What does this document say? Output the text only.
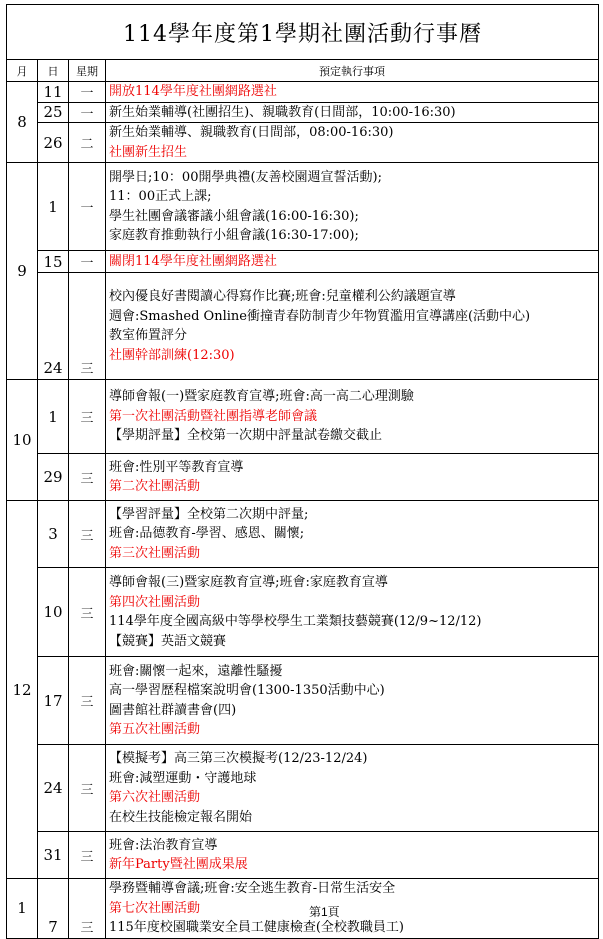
114學年度第1學期社團活動行事曆			
月	日	星期	預定執行事項
8	11	一	開放114學年度社團網路選社

	25	一	新生始業輔導(社團招生)、親職教育(日間部，10:00-16:30)

	26	二	新生始業輔導、親職教育(日間部，08:00-16:30)
社團新生招生

9	1	一	開學日;10：00開學典禮(友善校園週宣誓活動);
11：00正式上課;
學生社團會議審議小組會議(16:00-16:30);
家庭教育推動執行小組會議(16:30-17:00);

	15	一	關閉114學年度社團網路選社

	24	三	校內優良好書閱讀心得寫作比賽;班會:兒童權利公約議題宣導
週會:Smashed Online衝撞青春防制青少年物質濫用宣導講座(活動中心)
教室佈置評分
社團幹部訓練(12:30)

10	1	三	導師會報(一)暨家庭教育宣導;班會:高一高二心理測驗
第一次社團活動暨社團指導老師會議
【學期評量】全校第一次期中評量試卷繳交截止

	29	三	班會:性別平等教育宣導
第二次社團活動

12	3	三	【學習評量】全校第二次期中評量;
班會:品德教育-學習、感恩、關懷;
第三次社團活動

	10	三	導師會報(三)暨家庭教育宣導;班會:家庭教育宣導
第四次社團活動
114學年度全國高級中等學校學生工業類技藝競賽(12/9~12/12)
【競賽】英語文競賽

	17	三	班會:關懷一起來，遠離性騷擾
高一學習歷程檔案說明會(1300-1350活動中心)
圖書館社群讀書會(四)
第五次社團活動

	24	三	【模擬考】高三第三次模擬考(12/23-12/24)
班會:減塑運動・守護地球
第六次社團活動
在校生技能檢定報名開始

	31	三	班會:法治教育宣導
新年Party暨社團成果展

1	7	三	學務暨輔導會議;班會:安全逃生教育-日常生活安全
第七次社團活動
115年度校園職業安全員工健康檢查(全校教職員工)
第1頁
